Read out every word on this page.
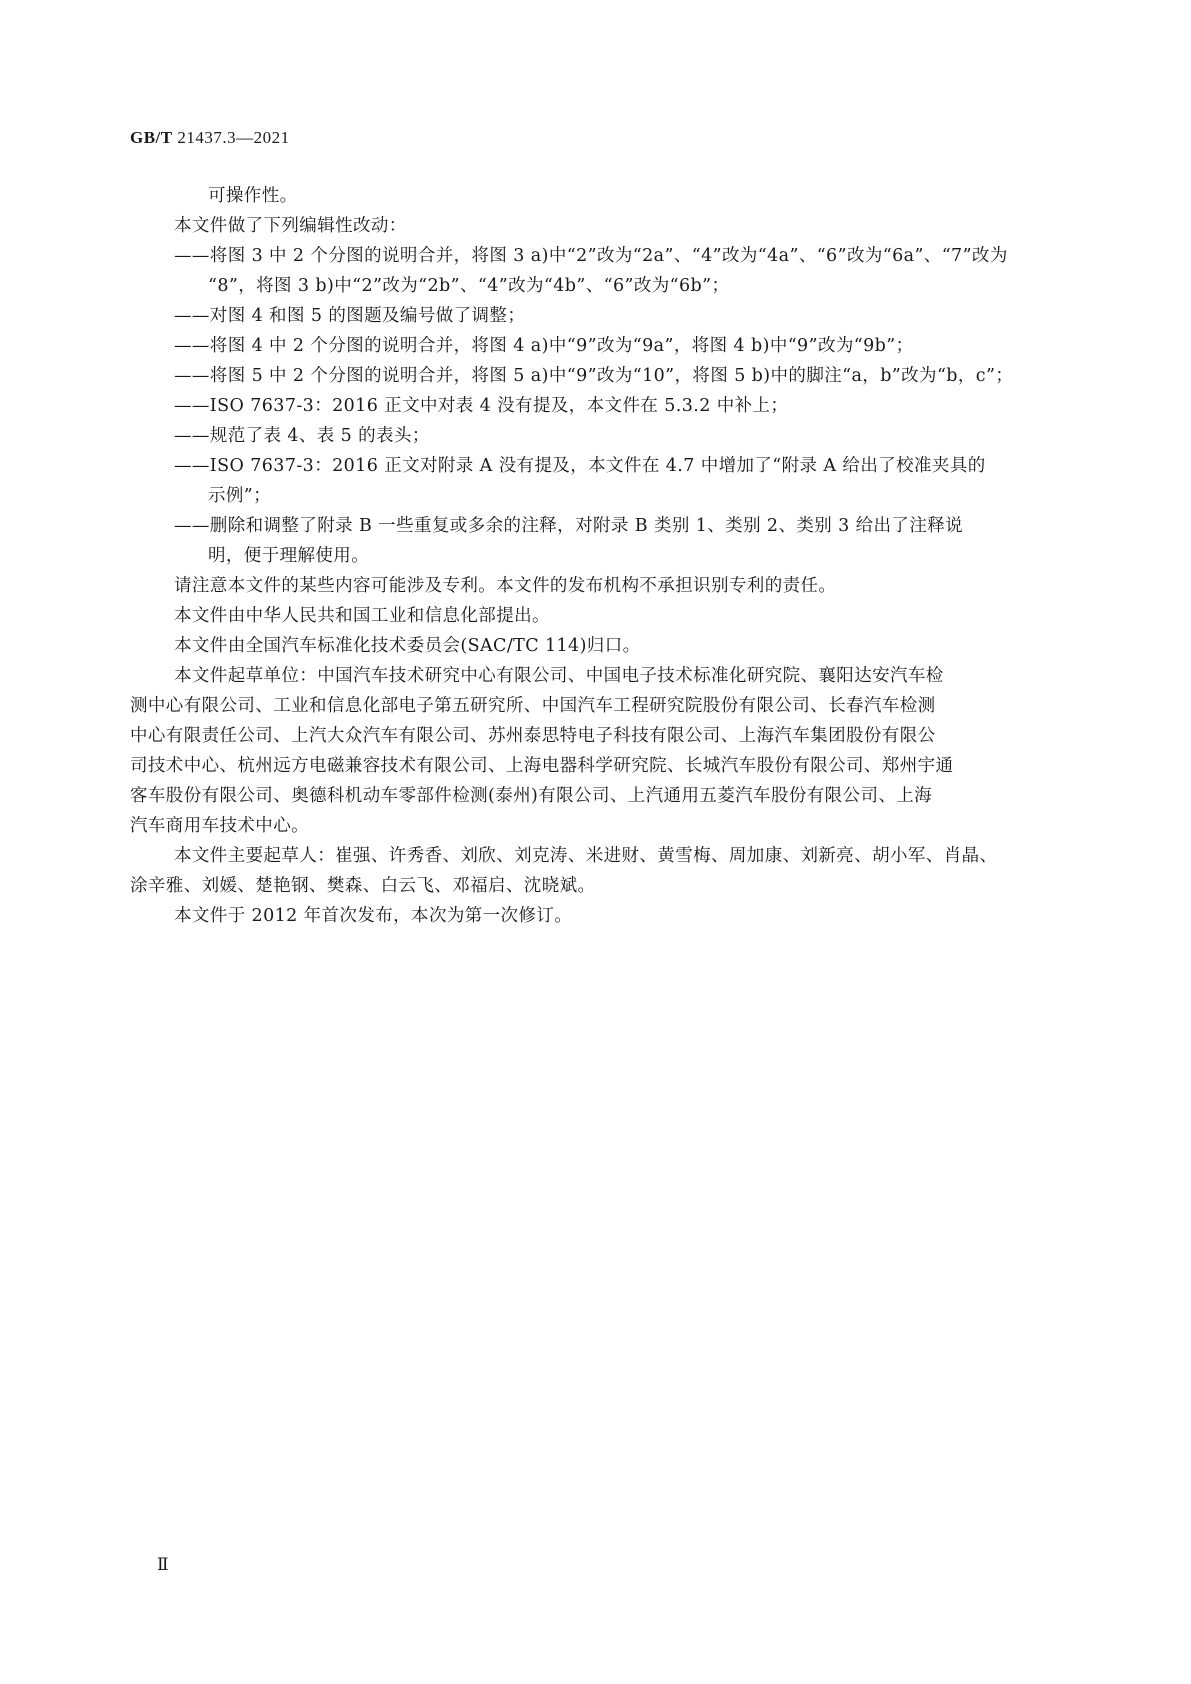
GB/T 21437.3—2021
可操作性。
本文件做了下列编辑性改动：
——将图 3 中 2 个分图的说明合并，将图 3 a)中“2”改为“2a”、“4”改为“4a”、“6”改为“6a”、“7”改为
“8”，将图 3 b)中“2”改为“2b”、“4”改为“4b”、“6”改为“6b”；
——对图 4 和图 5 的图题及编号做了调整；
——将图 4 中 2 个分图的说明合并，将图 4 a)中“9”改为“9a”，将图 4 b)中“9”改为“9b”；
——将图 5 中 2 个分图的说明合并，将图 5 a)中“9”改为“10”，将图 5 b)中的脚注“a，b”改为“b，c”；
——ISO 7637-3：2016 正文中对表 4 没有提及，本文件在 5.3.2 中补上；
——规范了表 4、表 5 的表头；
——ISO 7637-3：2016 正文对附录 A 没有提及，本文件在 4.7 中增加了“附录 A 给出了校准夹具的
示例”；
——删除和调整了附录 B 一些重复或多余的注释，对附录 B 类别 1、类别 2、类别 3 给出了注释说
明，便于理解使用。
请注意本文件的某些内容可能涉及专利。本文件的发布机构不承担识别专利的责任。
本文件由中华人民共和国工业和信息化部提出。
本文件由全国汽车标准化技术委员会(SAC/TC 114)归口。
本文件起草单位：中国汽车技术研究中心有限公司、中国电子技术标准化研究院、襄阳达安汽车检
测中心有限公司、工业和信息化部电子第五研究所、中国汽车工程研究院股份有限公司、长春汽车检测
中心有限责任公司、上汽大众汽车有限公司、苏州泰思特电子科技有限公司、上海汽车集团股份有限公
司技术中心、杭州远方电磁兼容技术有限公司、上海电器科学研究院、长城汽车股份有限公司、郑州宇通
客车股份有限公司、奥德科机动车零部件检测(泰州)有限公司、上汽通用五菱汽车股份有限公司、上海
汽车商用车技术中心。
本文件主要起草人：崔强、许秀香、刘欣、刘克涛、米进财、黄雪梅、周加康、刘新亮、胡小军、肖晶、
涂辛雅、刘媛、楚艳钢、樊森、白云飞、邓福启、沈晓斌。
本文件于 2012 年首次发布，本次为第一次修订。
Ⅱ
